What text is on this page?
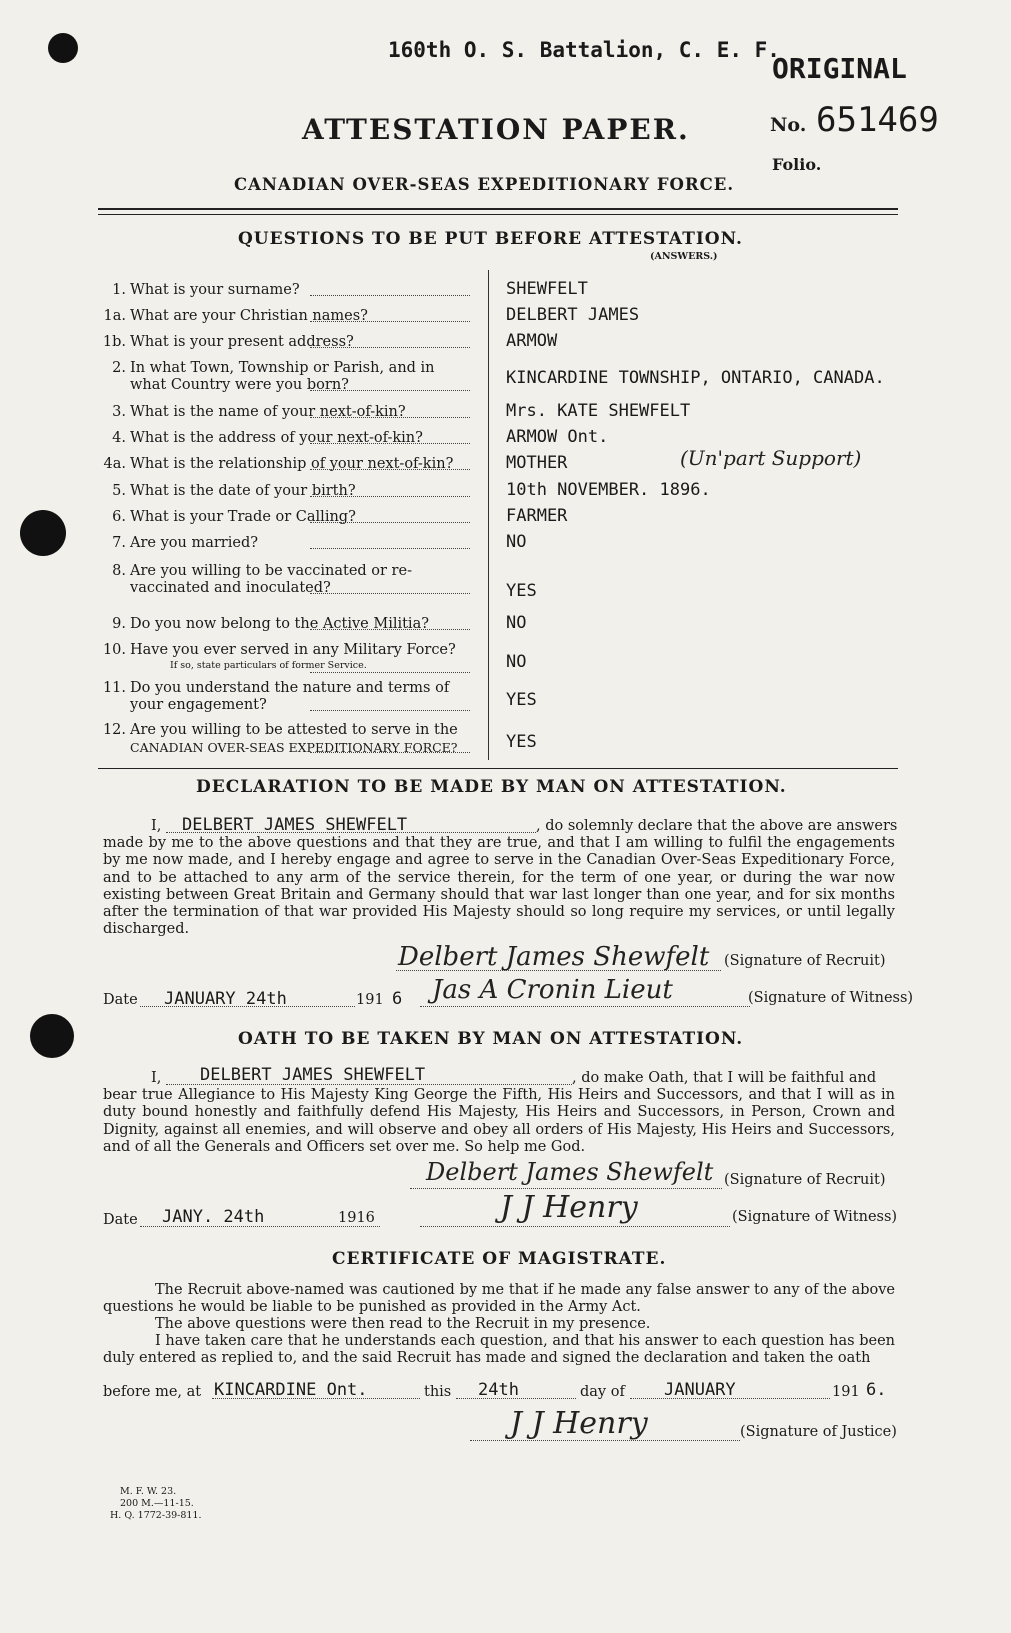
160th O. S. Battalion, C. E. F.
ORIGINAL
No. 651469
Folio.
ATTESTATION PAPER.
CANADIAN OVER-SEAS EXPEDITIONARY FORCE.
QUESTIONS TO BE PUT BEFORE ATTESTATION.
(ANSWERS.)
1. What is your surname?	SHEWFELT
1a. What are your Christian names?	DELBERT JAMES
1b. What is your present address?	ARMOW
2. In what Town, Township or Parish, and in
what Country were you born?	KINCARDINE TOWNSHIP, ONTARIO, CANADA.
3. What is the name of your next-of-kin?	Mrs. KATE SHEWFELT
4. What is the address of your next-of-kin?	ARMOW Ont.
4a. What is the relationship of your next-of-kin?	MOTHER	(Un'part Support)
5. What is the date of your birth?	10th NOVEMBER. 1896.
6. What is your Trade or Calling?	FARMER
7. Are you married?	NO
8. Are you willing to be vaccinated or re-
vaccinated and inoculated?	YES
9. Do you now belong to the Active Militia?	NO
10. Have you ever served in any Military Force?
If so, state particulars of former Service.	NO
11. Do you understand the nature and terms of
your engagement?	YES
12. Are you willing to be attested to serve in the
CANADIAN OVER-SEAS EXPEDITIONARY FORCE?	YES
DECLARATION TO BE MADE BY MAN ON ATTESTATION.
I, DELBERT JAMES SHEWFELT	, do solemnly declare that the above are answers
made by me to the above questions and that they are true, and that I am willing to fulfil the engagements by me now made, and I hereby engage and agree to serve in the Canadian Over-Seas Expeditionary Force, and to be attached to any arm of the service therein, for the term of one year, or during the war now existing between Great Britain and Germany should that war last longer than one year, and for six months after the termination of that war provided His Majesty should so long require my services, or until legally discharged.
Delbert James Shewfelt (Signature of Recruit)
Date JANUARY 24th	191 6 Jas A Cronin Lieut	(Signature of Witness)
OATH TO BE TAKEN BY MAN ON ATTESTATION.
I, DELBERT JAMES SHEWFELT	, do make Oath, that I will be faithful and
bear true Allegiance to His Majesty King George the Fifth, His Heirs and Successors, and that I will as in duty bound honestly and faithfully defend His Majesty, His Heirs and Successors, in Person, Crown and Dignity, against all enemies, and will observe and obey all orders of His Majesty, His Heirs and Successors, and of all the Generals and Officers set over me. So help me God.
Delbert James Shewfelt (Signature of Recruit)
Date JANY. 24th	1916	J J Henry	(Signature of Witness)
CERTIFICATE OF MAGISTRATE.
The Recruit above-named was cautioned by me that if he made any false answer to any of the above questions he would be liable to be punished as provided in the Army Act.
The above questions were then read to the Recruit in my presence.
I have taken care that he understands each question, and that his answer to each question has been duly entered as replied to, and the said Recruit has made and signed the declaration and taken the oath
before me, at KINCARDINE Ont.	this 24th	day of JANUARY	191 6.
J J Henry	(Signature of Justice)
M. F. W. 23.
200 M.—11-15.
H. Q. 1772-39-811.
